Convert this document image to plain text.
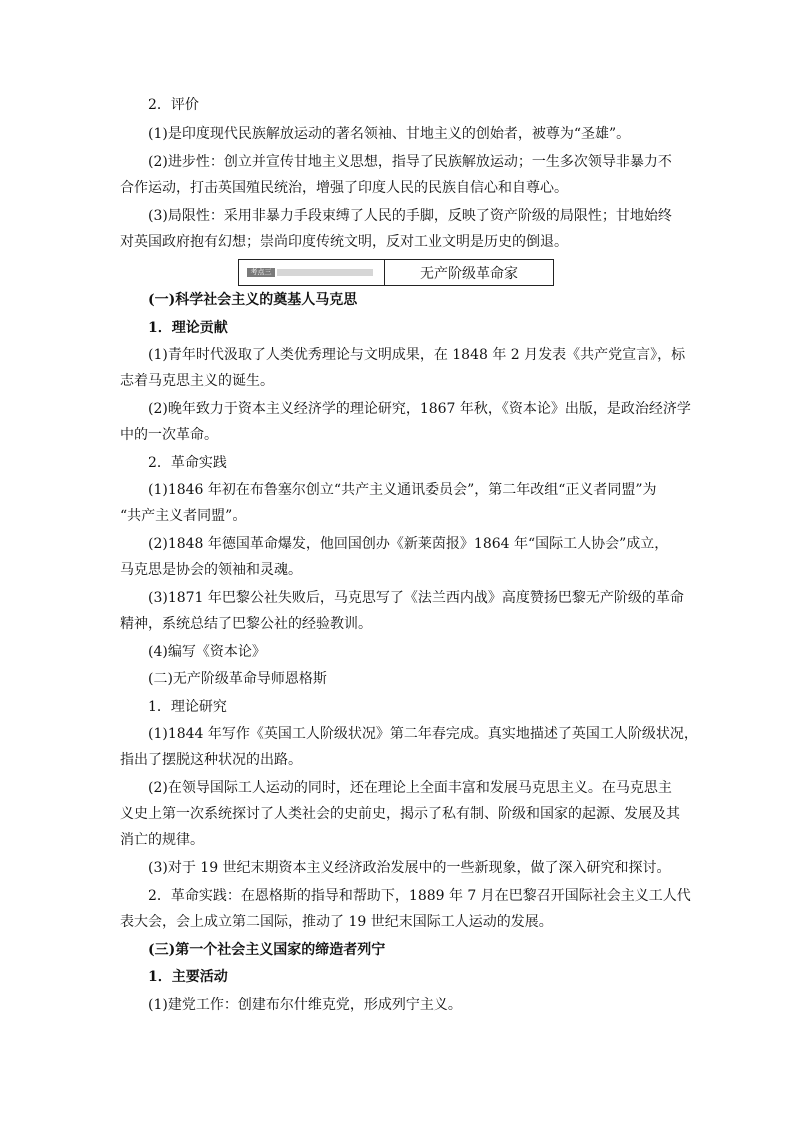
2．评价
(1)是印度现代民族解放运动的著名领袖、甘地主义的创始者，被尊为“圣雄”。
(2)进步性：创立并宣传甘地主义思想，指导了民族解放运动；一生多次领导非暴力不
合作运动，打击英国殖民统治，增强了印度人民的民族自信心和自尊心。
(3)局限性：采用非暴力手段束缚了人民的手脚，反映了资产阶级的局限性；甘地始终
对英国政府抱有幻想；崇尚印度传统文明，反对工业文明是历史的倒退。
考点三	无产阶级革命家
(一)科学社会主义的奠基人马克思
1．理论贡献
(1)青年时代汲取了人类优秀理论与文明成果，在 1848 年 2 月发表《共产党宣言》，标
志着马克思主义的诞生。
(2)晚年致力于资本主义经济学的理论研究，1867 年秋，《资本论》出版，是政治经济学
中的一次革命。
2．革命实践
(1)1846 年初在布鲁塞尔创立“共产主义通讯委员会”，第二年改组“正义者同盟”为
“共产主义者同盟”。
(2)1848 年德国革命爆发，他回国创办《新莱茵报》1864 年“国际工人协会”成立，
马克思是协会的领袖和灵魂。
(3)1871 年巴黎公社失败后，马克思写了《法兰西内战》高度赞扬巴黎无产阶级的革命
精神，系统总结了巴黎公社的经验教训。
(4)编写《资本论》
(二)无产阶级革命导师恩格斯
1．理论研究
(1)1844 年写作《英国工人阶级状况》第二年春完成。真实地描述了英国工人阶级状况，
指出了摆脱这种状况的出路。
(2)在领导国际工人运动的同时，还在理论上全面丰富和发展马克思主义。在马克思主
义史上第一次系统探讨了人类社会的史前史，揭示了私有制、阶级和国家的起源、发展及其
消亡的规律。
(3)对于 19 世纪末期资本主义经济政治发展中的一些新现象，做了深入研究和探讨。
2．革命实践：在恩格斯的指导和帮助下，1889 年 7 月在巴黎召开国际社会主义工人代
表大会，会上成立第二国际，推动了 19 世纪末国际工人运动的发展。
(三)第一个社会主义国家的缔造者列宁
1．主要活动
(1)建党工作：创建布尔什维克党，形成列宁主义。
